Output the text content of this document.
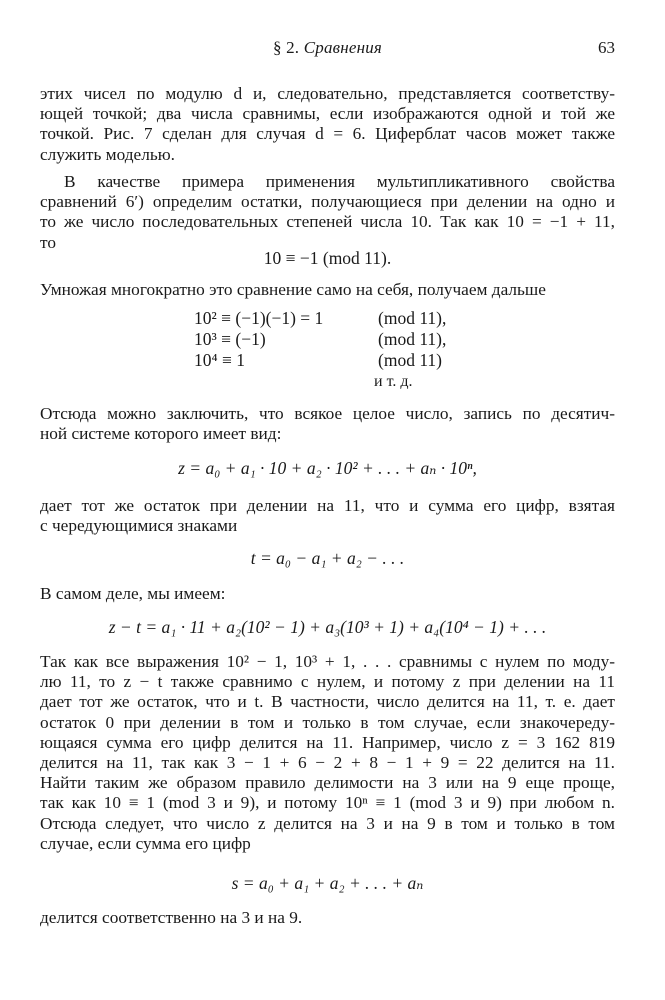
§ 2. Сравнения	63
этих чисел по модулю d и, следовательно, представляется соответству-
ющей точкой; два числа сравнимы, если изображаются одной и той же
точкой. Рис. 7 сделан для случая d = 6. Циферблат часов может также
служить моделью.
В качестве примера применения мультипликативного свойства
сравнений 6′) определим остатки, получающиеся при делении на одно и
то же число последовательных степеней числа 10. Так как 10 = −1 + 11,
то
10 ≡ −1 (mod 11).
Умножая многократно это сравнение само на себя, получаем дальше
10² ≡ (−1)(−1) = 1	(mod 11),
10³ ≡ (−1)	(mod 11),
10⁴ ≡ 1	(mod 11)
и т. д.
Отсюда можно заключить, что всякое целое число, запись по десятич-
ной системе которого имеет вид:
z = a₀ + a₁ · 10 + a₂ · 10² + . . . + aₙ · 10ⁿ,
дает тот же остаток при делении на 11, что и сумма его цифр, взятая
с чередующимися знаками
t = a₀ − a₁ + a₂ − . . .
В самом деле, мы имеем:
z − t = a₁ · 11 + a₂(10² − 1) + a₃(10³ + 1) + a₄(10⁴ − 1) + . . .
Так как все выражения 10² − 1, 10³ + 1, . . . сравнимы с нулем по моду-
лю 11, то z − t также сравнимо с нулем, и потому z при делении на 11
дает тот же остаток, что и t. В частности, число делится на 11, т. е. дает
остаток 0 при делении в том и только в том случае, если знакочереду-
ющаяся сумма его цифр делится на 11. Например, число z = 3 162 819
делится на 11, так как 3 − 1 + 6 − 2 + 8 − 1 + 9 = 22 делится на 11.
Найти таким же образом правило делимости на 3 или на 9 еще проще,
так как 10 ≡ 1 (mod 3 и 9), и потому 10ⁿ ≡ 1 (mod 3 и 9) при любом n.
Отсюда следует, что число z делится на 3 и на 9 в том и только в том
случае, если сумма его цифр
s = a₀ + a₁ + a₂ + . . . + aₙ
делится соответственно на 3 и на 9.
